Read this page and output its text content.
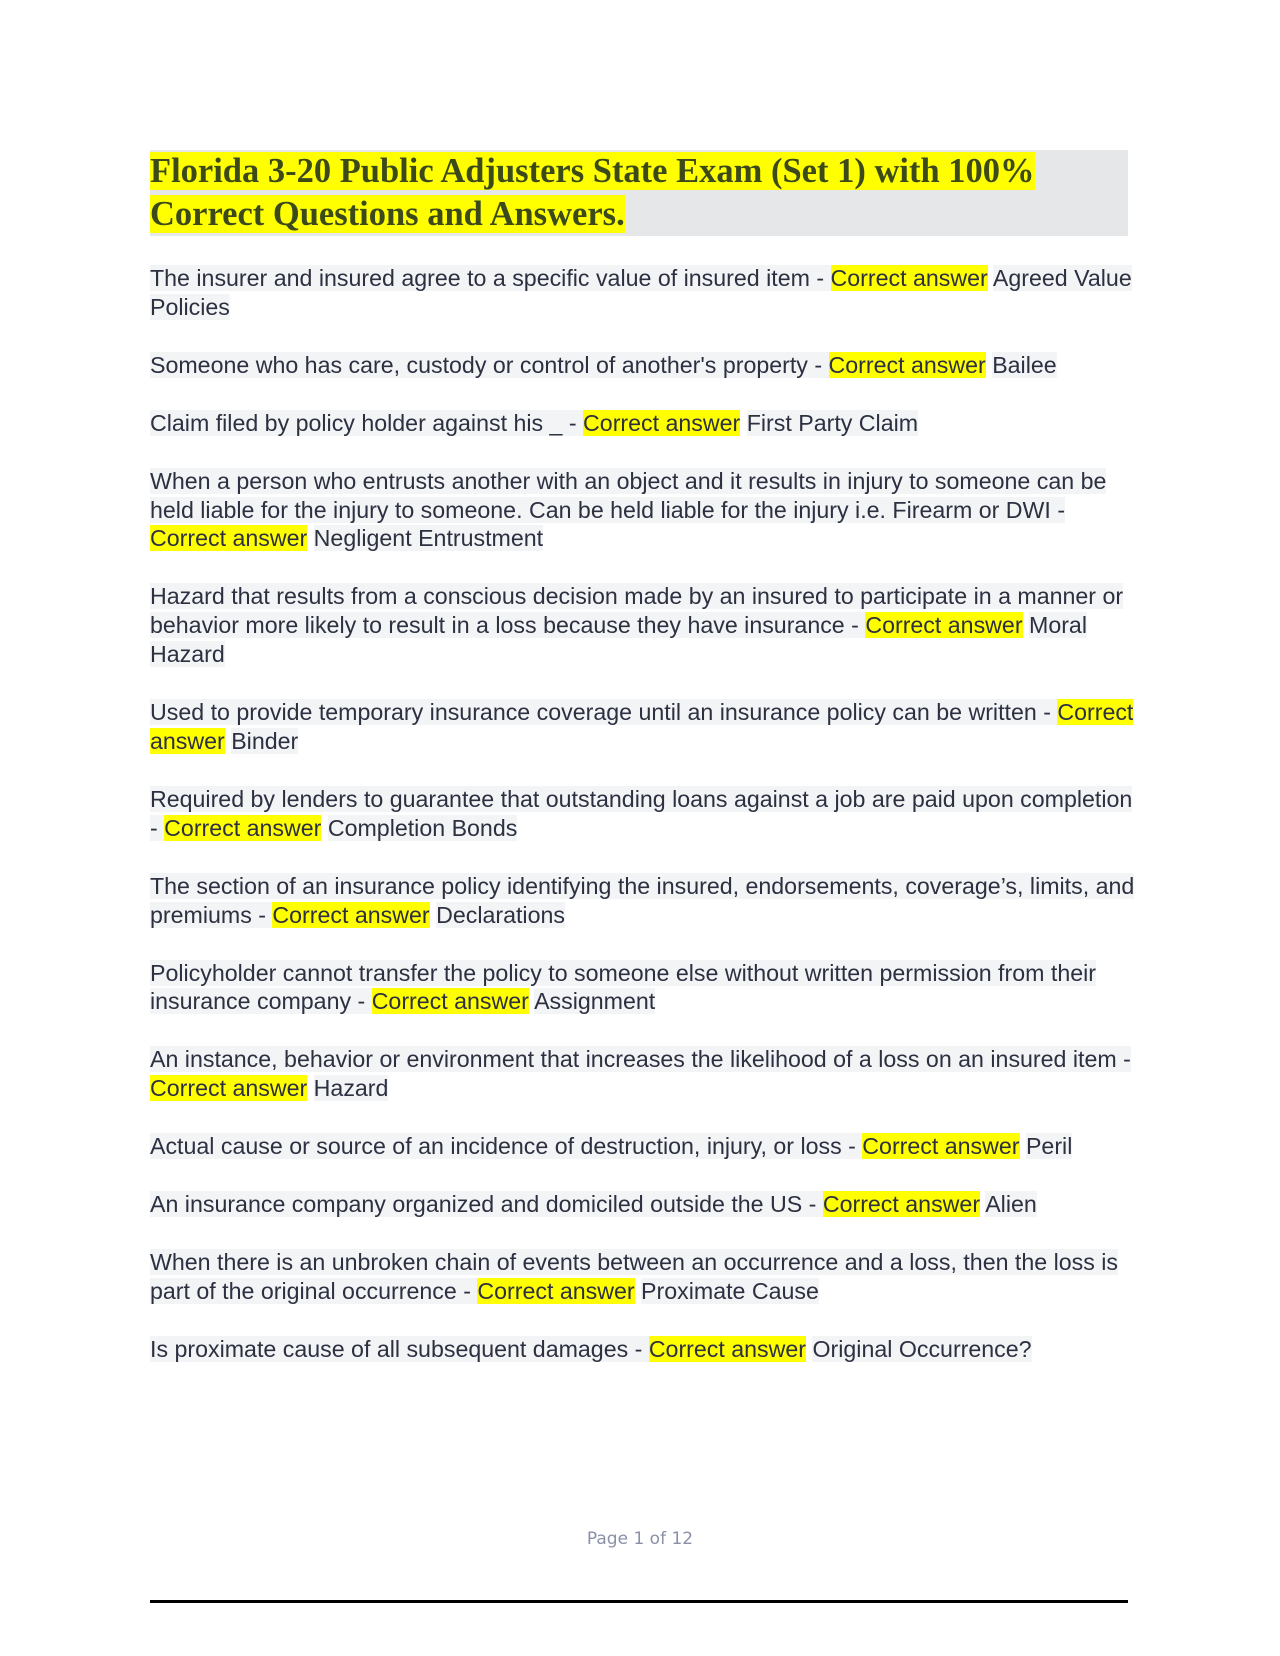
Florida 3-20 Public Adjusters State Exam (Set 1) with 100%
Correct Questions and Answers.

The insurer and insured agree to a specific value of insured item - Correct answer Agreed Value Policies

Someone who has care, custody or control of another's property - Correct answer Bailee

Claim filed by policy holder against his _ - Correct answer First Party Claim

When a person who entrusts another with an object and it results in injury to someone can be held liable for the injury to someone. Can be held liable for the injury i.e. Firearm or DWI - Correct answer Negligent Entrustment

Hazard that results from a conscious decision made by an insured to participate in a manner or behavior more likely to result in a loss because they have insurance - Correct answer Moral Hazard

Used to provide temporary insurance coverage until an insurance policy can be written - Correct answer Binder

Required by lenders to guarantee that outstanding loans against a job are paid upon completion - Correct answer Completion Bonds

The section of an insurance policy identifying the insured, endorsements, coverage’s, limits, and premiums - Correct answer Declarations

Policyholder cannot transfer the policy to someone else without written permission from their insurance company - Correct answer Assignment

An instance, behavior or environment that increases the likelihood of a loss on an insured item - Correct answer Hazard

Actual cause or source of an incidence of destruction, injury, or loss - Correct answer Peril

An insurance company organized and domiciled outside the US - Correct answer Alien

When there is an unbroken chain of events between an occurrence and a loss, then the loss is part of the original occurrence - Correct answer Proximate Cause

Is proximate cause of all subsequent damages - Correct answer Original Occurrence?

Page 1 of 12
